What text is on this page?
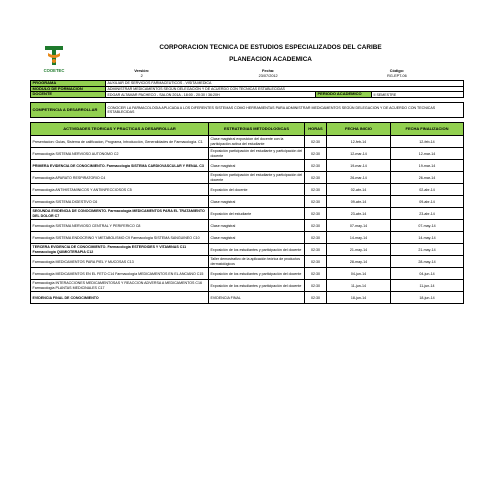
COOETEC

CORPORACION TECNICA DE ESTUDIOS ESPECIALIZADOS DEL CARIBE
PLANEACION ACADEMICA
Versión:
2
Fecha:
23/07/2012
Código:
RG-EPT-06
PROGRAMA	AUXILIAR DE SERVICIOS FARMACEUTICOS - VISITA MEDICA		
MODULO DE FORMACION	ADMINISTRAR MEDICAMENTOS SEGÚN DELEGACIÓN Y DE ACUERDO CON TECNICAS ESTABLECIDAS		
DOCENTE	EDGAR ALTAMAR PACHECO - SALON 201A - 18:00 - 20:30 / 36:20H	PERIODO ACADEMICO	II SEMESTRE

COMPETENCIA A DESARROLLAR	CONOCER LA FARMACOLOGIA APLICADA A LOS DIFERENTES SISTEMAS COMO HERRAMIENTAS PARA ADMINISTRAR MEDICAMENTOS SEGÚN DELEGACION Y DE ACUERDO CON TECNICAS ESTABLECIDAS		

ACTIVIDADES TEORICAS Y PRACTICAS A DESARROLLAR	ESTRATEGIAS METODOLOGICAS	HORAS	FECHA INICIO	FECHA FINALIZACION
Presentacion: Guias, Sistema de calificacion, Programa, Introducción, Generalidades de Farmacología. C1	Clase magistral exposicion del docente con la participación activa del estudiante	02:30	12-feb-14	12-feb-14
Farmacología SISTEMA NERVIOSO AUTONOMO C2	Exposición participación del estudiante y participación del docente	02:30	12-mar-14	12-mar-14
PRIMERA EVIDENCIA DE CONOCIMIENTO. Farmacología SISTEMA CARDIOVASCULAR Y RENAL C3	Clase magistral	02:30	19-mar-14	19-mar-14
Farmacología APARATO RESPIRATORIO C4	Exposición participación del estudiante y participación del docente	02:30	26-mar-14	26-mar-14
Farmacología ANTIHISTAMINICOS Y ANTIINFECCIOSOS C5	Exposición del docente	02:30	02-abr-14	02-abr-14
Farmacología SISTEMA DIGESTIVO C6	Clase magistral	02:30	09-abr-14	09-abr-14
SEGUNDA EVIDENCIA DE CONOCIMIENTO. Farmacología MEDICAMENTOS PARA EL TRATAMIENTO DEL DOLOR C7	Exposición del estudiante	02:30	23-abr-14	23-abr-14
Farmacología SISTEMA NERVIOSO CENTRAL Y PERIFERICO C8	Clase magistral	02:30	07-may-14	07-may-14
Farmacología SISTEMA ENDOCRINO Y METABOLISMO C9 Farmacología SISTEMA SANGUINEO C10	Clase magistral	02:30	14-may-14	14-may-14
TERCERA EVIDENCIA DE CONOCIMIENTO. Farmacología ESTEROIDES Y VITAMINAS C11 Farmacología QUIMIOTERAPIA C12	Exposición de los estudiantes y participación del docente	02:30	21-may-14	21-may-14
Farmacología MEDICAMENTOS PARA PIEL Y MUCOSAS C13	Taller demostrativo de la aplicación teórica de productos dermatológicos	02:30	28-may-14	28-may-14
Farmacología MEDICAMENTOS EN EL FETO C14 Farmacología MEDICAMENTOS EN EL ANCIANO C15	Exposición de los estudiantes y participación del docente	02:30	04-jun-14	04-jun-14
Farmacología INTERACCIONES MEDICAMENTOSAS Y REACCION ADVERSA A MEDICAMENTOS C16 Farmacología PLANTAS MEDICINALES C17	Exposición de los estudiantes y participación del docente	02:30	11-jun-14	11-jun-14
EVIDENCIA FINAL DE CONOCIMIENTO	EVIDENCIA FINAL	02:30	18-jun-14	18-jun-14
